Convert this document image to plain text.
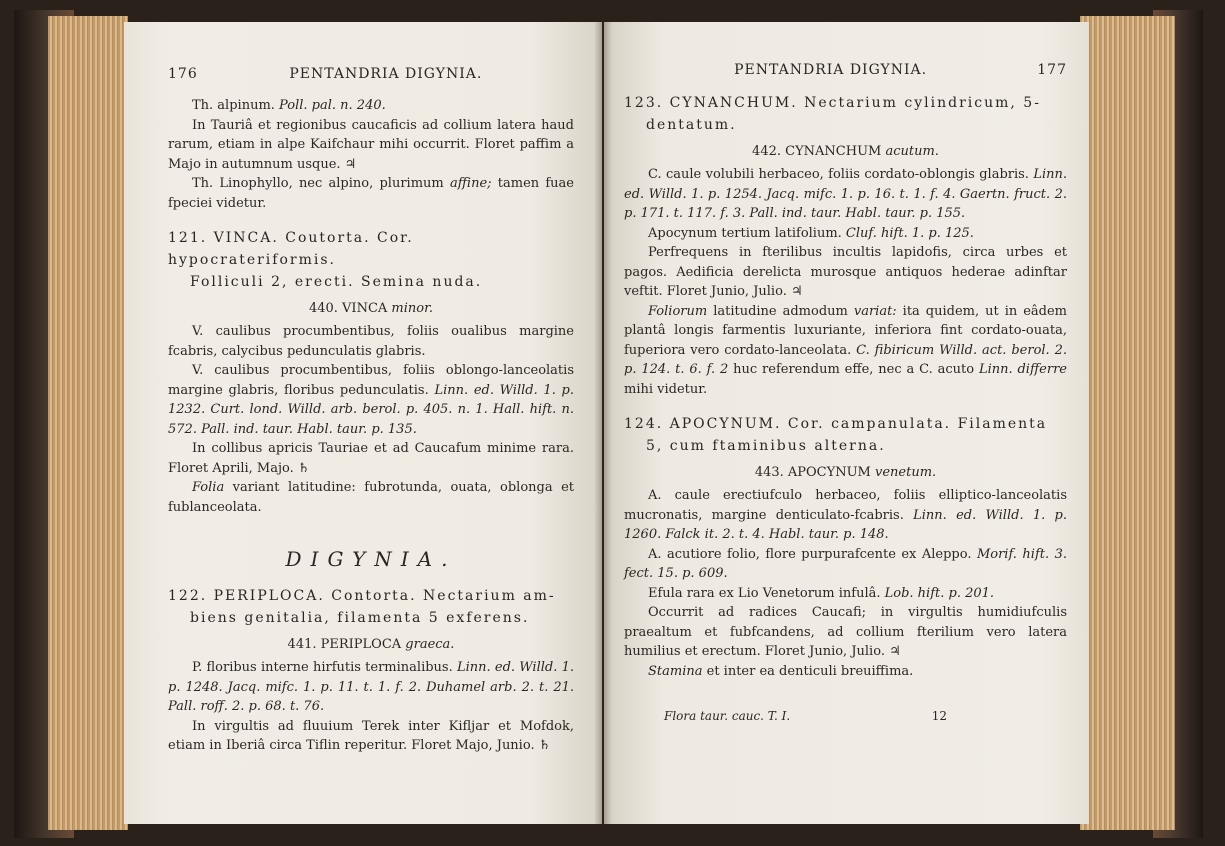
176	PENTANDRIA DIGYNIA.

Th. alpinum. Poll. pal. n. 240.

In Tauriâ et regionibus caucaficis ad collium latera haud rarum, etiam in alpe Kaifchaur mihi occurrit. Floret paffim a Majo in autumnum usque. ♃

Th. Linophyllo, nec alpino, plurimum affine; tamen fuae fpeciei videtur.

121. VINCA. Coutorta. Cor. hypocrateriformis.
Folliculi 2, erecti. Semina nuda.
440. VINCA minor.

V. caulibus procumbentibus, foliis oualibus margine fcabris, calycibus pedunculatis glabris.

V. caulibus procumbentibus, foliis oblongo-lanceolatis margine glabris, floribus pedunculatis. Linn. ed. Willd. 1. p. 1232. Curt. lond. Willd. arb. berol. p. 405. n. 1. Hall. hift. n. 572. Pall. ind. taur. Habl. taur. p. 135.

In collibus apricis Tauriae et ad Caucafum minime rara. Floret Aprili, Majo. ♄

Folia variant latitudine: fubrotunda, ouata, oblonga et fublanceolata.

DIGYNIA.
122. PERIPLOCA. Contorta. Nectarium am-
biens genitalia, filamenta 5 exferens.
441. PERIPLOCA graeca.

P. floribus interne hirfutis terminalibus. Linn. ed. Willd. 1. p. 1248. Jacq. mifc. 1. p. 11. t. 1. f. 2. Duhamel arb. 2. t. 21. Pall. roff. 2. p. 68. t. 76.

In virgultis ad fluuium Terek inter Kifljar et Mofdok, etiam in Iberiâ circa Tiflin reperitur. Floret Majo, Junio. ♄

PENTANDRIA DIGYNIA.	177
123. CYNANCHUM. Nectarium cylindricum, 5-
dentatum.
442. CYNANCHUM acutum.

C. caule volubili herbaceo, foliis cordato-oblongis glabris. Linn. ed. Willd. 1. p. 1254. Jacq. mifc. 1. p. 16. t. 1. f. 4. Gaertn. fruct. 2. p. 171. t. 117. f. 3. Pall. ind. taur. Habl. taur. p. 155.

Apocynum tertium latifolium. Cluf. hift. 1. p. 125.

Perfrequens in fterilibus incultis lapidofis, circa urbes et pagos. Aedificia derelicta murosque antiquos hederae adinftar veftit. Floret Junio, Julio. ♃

Foliorum latitudine admodum variat: ita quidem, ut in eâdem plantâ longis farmentis luxuriante, inferiora fint cordato-ouata, fuperiora vero cordato-lanceolata. C. fibiricum Willd. act. berol. 2. p. 124. t. 6. f. 2 huc referendum effe, nec a C. acuto Linn. differre mihi videtur.

124. APOCYNUM. Cor. campanulata. Filamenta
5, cum ftaminibus alterna.
443. APOCYNUM venetum.

A. caule erectiufculo herbaceo, foliis elliptico-lanceolatis mucronatis, margine denticulato-fcabris. Linn. ed. Willd. 1. p. 1260. Falck it. 2. t. 4. Habl. taur. p. 148.

A. acutiore folio, flore purpurafcente ex Aleppo. Morif. hift. 3. fect. 15. p. 609.

Efula rara ex Lio Venetorum infulâ. Lob. hift. p. 201.

Occurrit ad radices Caucafi; in virgultis humidiufculis praealtum et fubfcandens, ad collium fterilium vero latera humilius et erectum. Floret Junio, Julio. ♃

Stamina et inter ea denticuli breuiffima.

Flora taur. cauc. T. I.	12
